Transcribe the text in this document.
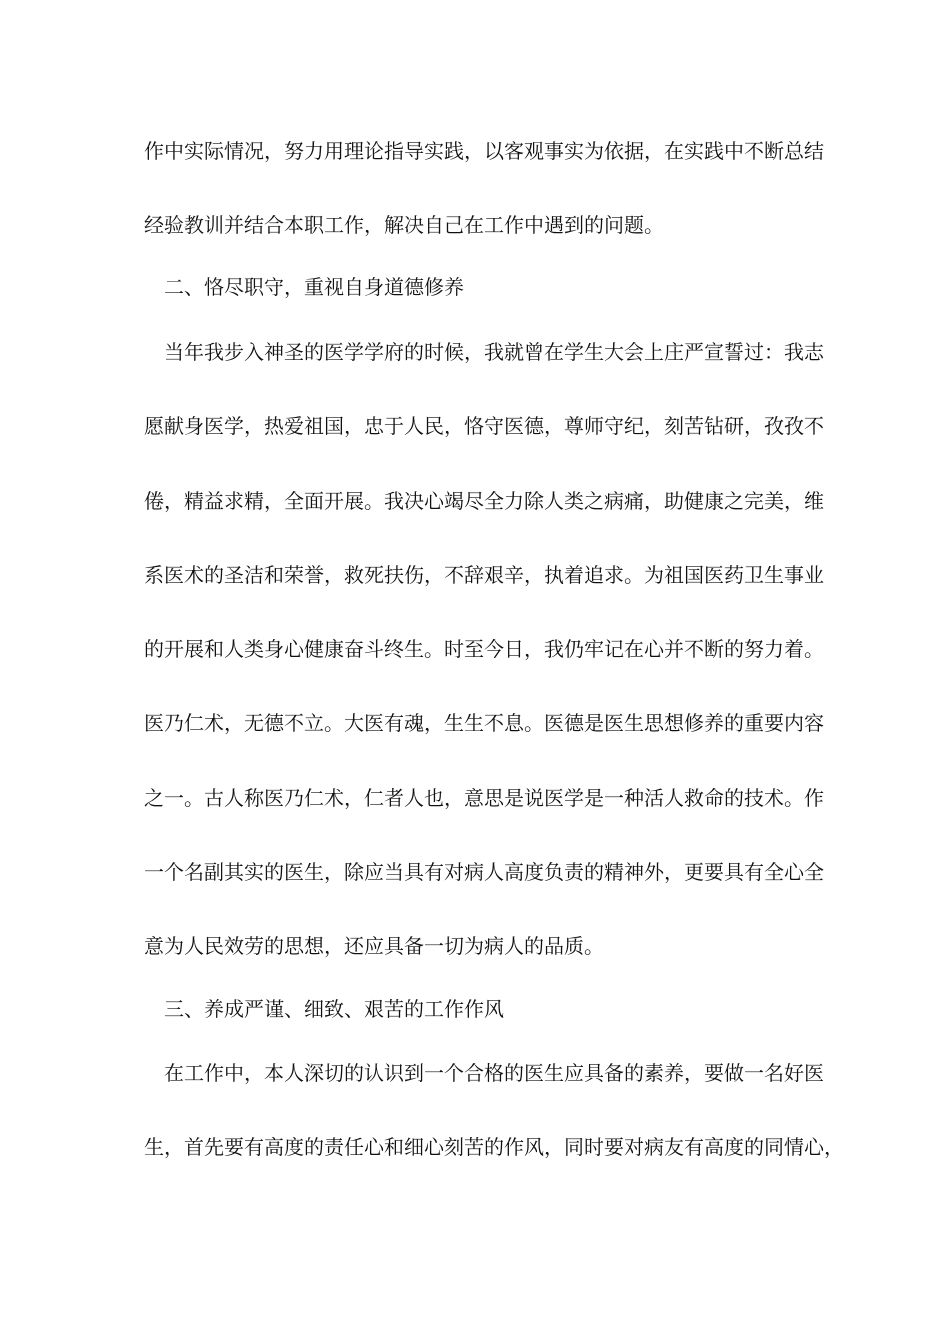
作中实际情况，努力用理论指导实践，以客观事实为依据，在实践中不断总结
经验教训并结合本职工作，解决自己在工作中遇到的问题。
二、恪尽职守，重视自身道德修养
当年我步入神圣的医学学府的时候，我就曾在学生大会上庄严宣誓过：我志
愿献身医学，热爱祖国，忠于人民，恪守医德，尊师守纪，刻苦钻研，孜孜不
倦，精益求精，全面开展。我决心竭尽全力除人类之病痛，助健康之完美，维
系医术的圣洁和荣誉，救死扶伤，不辞艰辛，执着追求。为祖国医药卫生事业
的开展和人类身心健康奋斗终生。时至今日，我仍牢记在心并不断的努力着。
医乃仁术，无德不立。大医有魂，生生不息。医德是医生思想修养的重要内容
之一。古人称医乃仁术，仁者人也，意思是说医学是一种活人救命的技术。作
一个名副其实的医生，除应当具有对病人高度负责的精神外，更要具有全心全
意为人民效劳的思想，还应具备一切为病人的品质。
三、养成严谨、细致、艰苦的工作作风
在工作中，本人深切的认识到一个合格的医生应具备的素养，要做一名好医
生，首先要有高度的责任心和细心刻苦的作风，同时要对病友有高度的同情心，
